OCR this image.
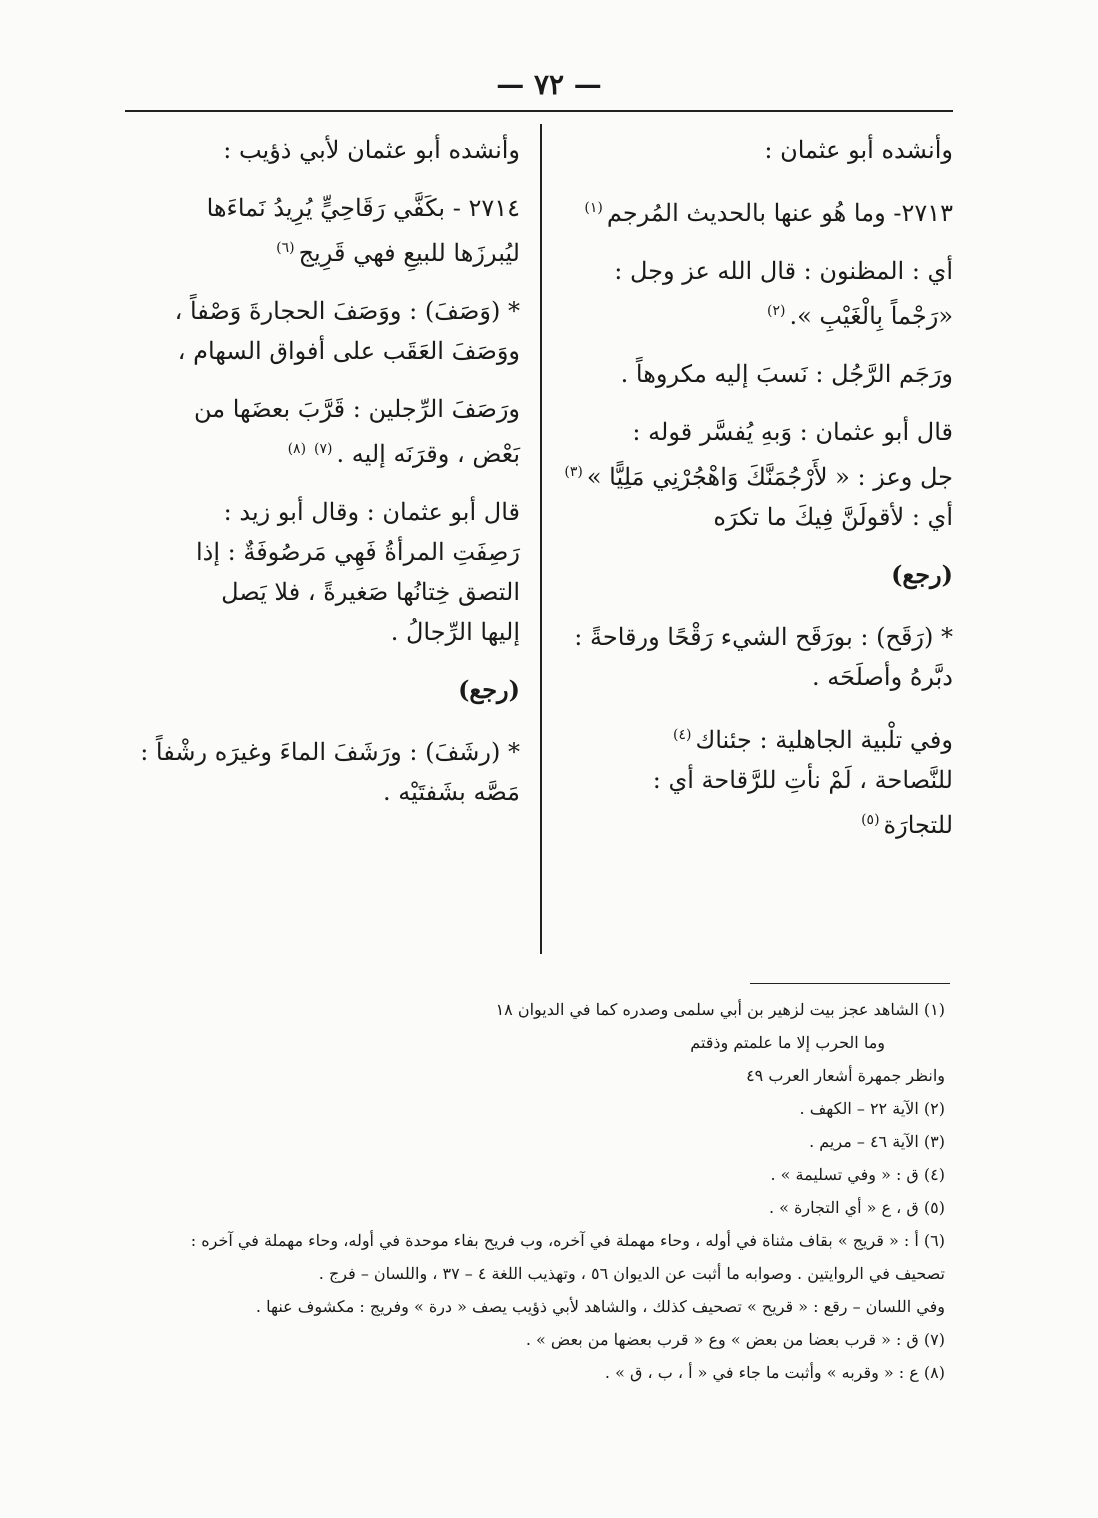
— ٧٢ —

وأنشده أبو عثمان :

٢٧١٣- وما هُو عنها بالحديث المُرجم$^{(١)}$

أي : المظنون : قال الله عز وجل :
«رَجْماً بِالْغَيْبِ ».$^{(٢)}$

ورَجَم الرَّجُل : نَسبَ إليه مكروهاً .

قال أبو عثمان : وَبهِ يُفسَّر قوله :
جل وعز : « لأَرْجُمَنَّكَ وَاهْجُرْنِي مَلِيًّا »$^{(٣)}$
أي : لأقولَنَّ فِيكَ ما تكرَه

(رجع)

* (رَقَح) : بورَقَح الشيء رَقْحًا ورقاحةً :
دبَّرهُ وأصلَحَه .

وفي تلْبية الجاهلية : جئناك$^{(٤)}$
للنَّصاحة ، لَمْ نأتِ للرَّقاحة أي :
للتجارَة$^{(٥)}$

وأنشده أبو عثمان لأبي ذؤيب :

٢٧١٤ - بكَفَّي رَقَاحِيٍّ يُرِيدُ نَماءَها
ليُبرزَها للبيعِ فهي قَرِيج$^{(٦)}$

* (وَصَفَ) : ووَصَفَ الحجارةَ وَصْفاً ،
ووَصَفَ العَقَب على أفواق السهام ،

ورَصَفَ الرِّجلين : قَرَّبَ بعضَها من
بَعْض ، وقرَنَه إليه .$^{(٧)(٨)}$

قال أبو عثمان : وقال أبو زيد :
رَصِفَتِ المرأةُ فَهِي مَرصُوفَةٌ : إذا
التصق خِتانُها صَغيرةً ، فلا يَصل
إليها الرِّجالُ .

(رجع)

* (رشَفَ) : ورَشَفَ الماءَ وغيرَه رشْفاً :
مَصَّه بشَفتَيْه .

(١) الشاهد عجز بيت لزهير بن أبي سلمى وصدره كما في الديوان ١٨
وما الحرب إلا ما علمتم وذقتم
وانظر جمهرة أشعار العرب ٤٩
(٢) الآية ٢٢ – الكهف .
(٣) الآية ٤٦ – مريم .
(٤) ق : « وفي تسليمة » .
(٥) ق ، ع « أي التجارة » .
(٦) أ : « قريج » بقاف مثناة في أوله ، وحاء مهملة في آخره، وب فريح بفاء موحدة في أوله، وحاء مهملة في آخره :
تصحيف في الروايتين . وصوابه ما أثبت عن الديوان ٥٦ ، وتهذيب اللغة ٤ – ٣٧ ، واللسان – فرج .
وفي اللسان – رقع : « قريح » تصحيف كذلك ، والشاهد لأبي ذؤيب يصف « درة » وفريج : مكشوف عنها .
(٧) ق : « قرب بعضا من بعض » وع « قرب بعضها من بعض » .
(٨) ع : « وقربه » وأثبت ما جاء في « أ ، ب ، ق » .
